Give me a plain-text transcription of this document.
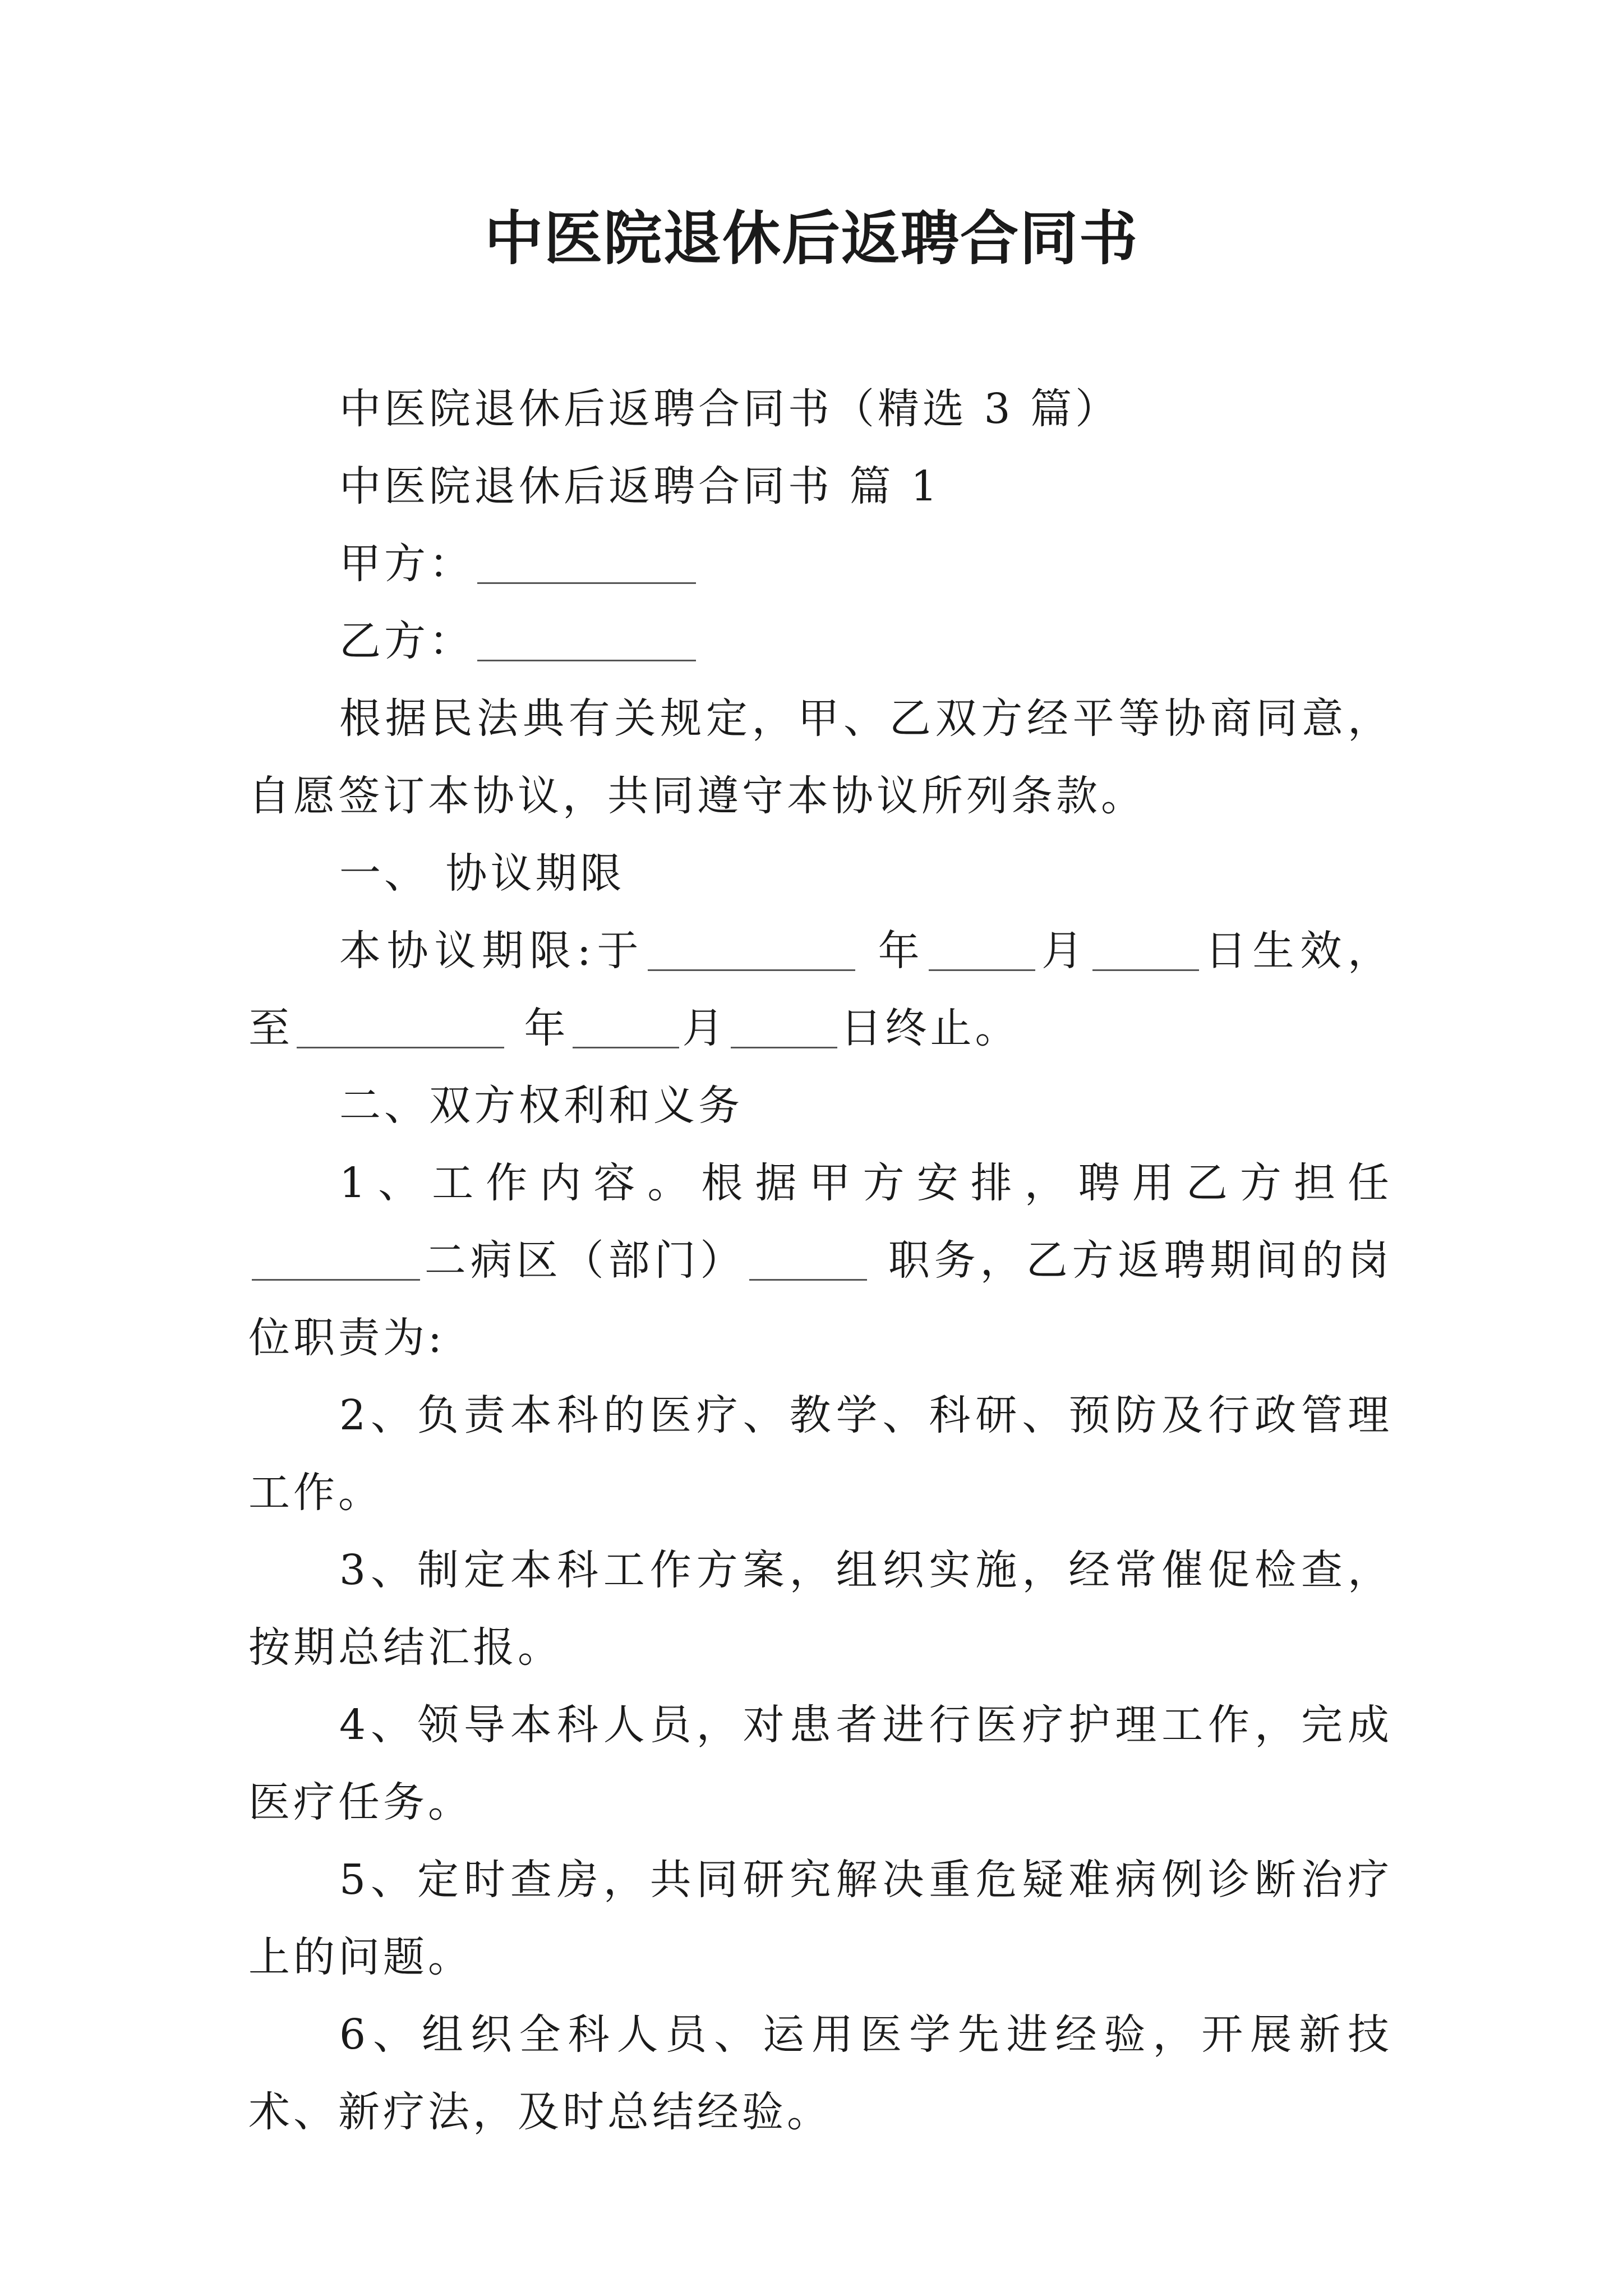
中医院退休后返聘合同书

中医院退休后返聘合同书（精选 3 篇）

中医院退休后返聘合同书 篇 1

甲方：

乙方：

根据民法典有关规定，甲、乙双方经平等协商同意，自愿签订本协议，共同遵守本协议所列条款。

一、 协议期限

本协议期限:于	年	月	日生效，至	年	月	日终止。

二、双方权利和义务

1、工作内容。根据甲方安排，聘用乙方担任 二病区（部门）	职务，乙方返聘期间的岗位职责为:

2、负责本科的医疗、教学、科研、预防及行政管理工作。

3、制定本科工作方案，组织实施，经常催促检查，按期总结汇报。

4、领导本科人员，对患者进行医疗护理工作，完成医疗任务。

5、定时查房，共同研究解决重危疑难病例诊断治疗上的问题。

6、组织全科人员、运用医学先进经验，开展新技术、新疗法，及时总结经验。
